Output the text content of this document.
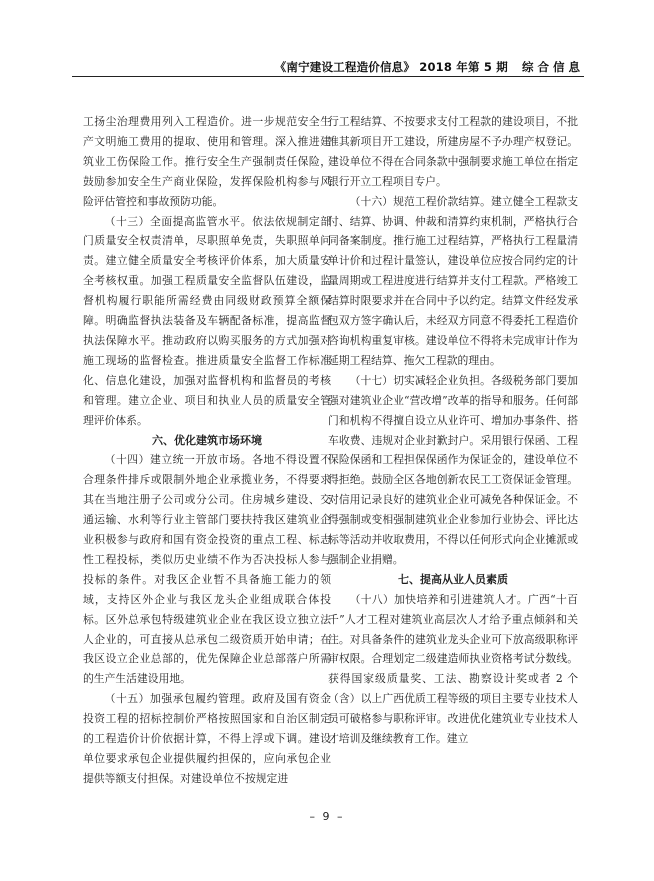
《南宁建设工程造价信息》 2018 年第 5 期 综合信息

工扬尘治理费用列入工程造价。进一步规范安全生产文明施工费用的提取、使用和管理。深入推进建筑业工伤保险工作。推行安全生产强制责任保险，鼓励参加安全生产商业保险，发挥保险机构参与风险评估管控和事故预防功能。

（十三）全面提高监管水平。依法依规制定部门质量安全权责清单，尽职照单免责，失职照单问责。建立健全质量安全考核评价体系，加大质量安全考核权重。加强工程质量安全监督队伍建设，监督机构履行职能所需经费由同级财政预算全额保障。明确监督执法装备及车辆配备标准，提高监督执法保障水平。推动政府以购买服务的方式加强对施工现场的监督检查。推进质量安全监督工作标准化、信息化建设，加强对监督机构和监督员的考核和管理。建立企业、项目和执业人员的质量安全管理评价体系。

六、优化建筑市场环境

（十四）建立统一开放市场。各地不得设置不合理条件排斥或限制外地企业承揽业务，不得要求其在当地注册子公司或分公司。住房城乡建设、交通运输、水利等行业主管部门要扶持我区建筑业企业积极参与政府和国有资金投资的重点工程、标志性工程投标，类似历史业绩不作为否决投标人参与投标的条件。对我区企业暂不具备施工能力的领域，支持区外企业与我区龙头企业组成联合体投标。区外总承包特级建筑业企业在我区设立独立法人企业的，可直接从总承包二级资质开始申请；在我区设立企业总部的，优先保障企业总部落户所需的生产生活建设用地。

（十五）加强承包履约管理。政府及国有资金投资工程的招标控制价严格按照国家和自治区制定的工程造价计价依据计算，不得上浮或下调。建设单位要求承包企业提供履约担保的，应向承包企业提供等额支付担保。对建设单位不按规定进

行工程结算、不按要求支付工程款的建设项目，不批准其新项目开工建设，所建房屋不予办理产权登记。建设单位不得在合同条款中强制要求施工单位在指定银行开立工程项目专户。

（十六）规范工程价款结算。建立健全工程款支付、结算、协调、仲裁和清算约束机制，严格执行合同备案制度。推行施工过程结算，严格执行工程量清单计价和过程计量签认，建设单位应按合同约定的计量周期或工程进度进行结算并支付工程款。严格竣工结算时限要求并在合同中予以约定。结算文件经发承包双方签字确认后，未经双方同意不得委托工程造价咨询机构重复审核。建设单位不得将未完成审计作为延期工程结算、拖欠工程款的理由。

（十七）切实减轻企业负担。各级税务部门要加强对建筑业企业“营改增”改革的指导和服务。任何部门和机构不得擅自设立从业许可、增加办事条件、搭车收费、违规对企业封歉封户。采用银行保函、工程保险保函和工程担保保函作为保证金的，建设单位不得拒绝。鼓励全区各地创新农民工工资保证金管理。对信用记录良好的建筑业企业可减免各种保证金。不得强制或变相强制建筑业企业参加行业协会、评比达标等活动并收取费用，不得以任何形式向企业摊派或强制企业捐赠。

七、提高从业人员素质

（十八）加快培养和引进建筑人才。广西“十百千”人才工程对建筑业高层次人才给予重点倾斜和关注。对具备条件的建筑业龙头企业可下放高级职称评审权限。合理划定二级建造师执业资格考试分数线。获得国家级质量奖、工法、勘察设计奖或者 2 个（含）以上广西优质工程等级的项目主要专业技术人员可破格参与职称评审。改进优化建筑业专业技术人才培训及继续教育工作。建立

– 9 –
